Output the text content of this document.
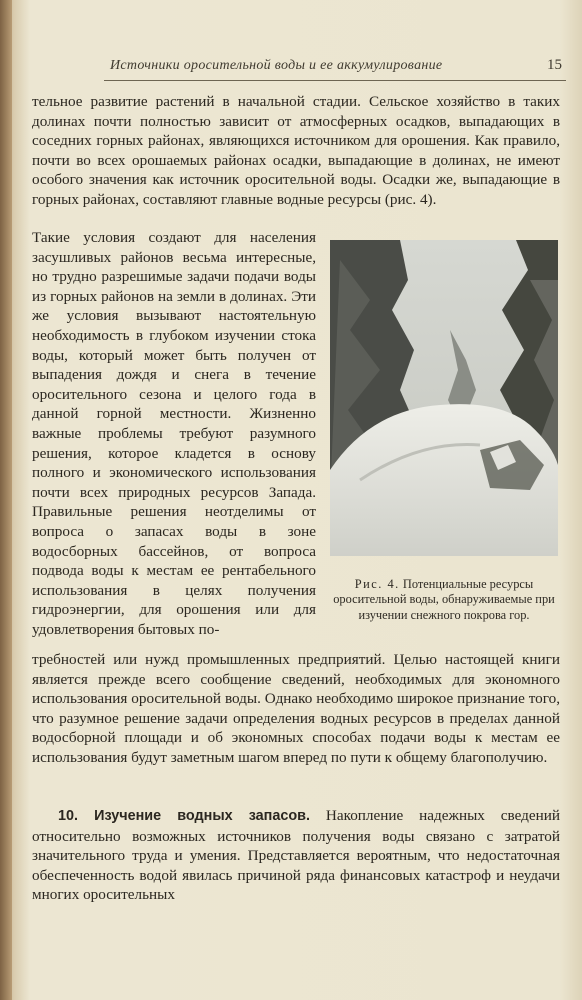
Источники оросительной воды и ее аккумулирование	15
тельное развитие растений в начальной стадии. Сельское хозяйство в таких долинах почти полностью зависит от атмосферных осадков, выпадающих в соседних горных районах, являющихся источником для орошения. Как правило, почти во всех орошаемых районах осадки, выпадающие в долинах, не имеют особого значения как источник оросительной воды. Осадки же, выпадающие в горных районах, составляют главные водные ресурсы (рис. 4).
Такие условия создают для населения засушливых районов весьма интересные, но трудно разрешимые задачи подачи воды из горных районов на земли в долинах. Эти же условия вызывают настоятельную необходимость в глубоком изучении стока воды, который может быть получен от выпадения дождя и снега в течение оросительного сезона и целого года в данной горной местности. Жизненно важные проблемы требуют разумного решения, которое кладется в основу полного и экономического использования почти всех природных ресурсов Запада. Правильные решения неотделимы от вопроса о запасах воды в зоне водосборных бассейнов, от вопроса подвода воды к местам ее рентабельного использования в целях получения гидроэнергии, для орошения или для удовлетворения бытовых по-
Рис. 4. Потенциальные ресурсы оросительной воды, обнаруживаемые при изучении снежного покрова гор.
требностей или нужд промышленных предприятий. Целью настоящей книги является прежде всего сообщение сведений, необходимых для экономного использования оросительной воды. Однако необходимо широкое признание того, что разумное решение задачи определения водных ресурсов в пределах данной водосборной площади и об экономных способах подачи воды к местам ее использования будут заметным шагом вперед по пути к общему благополучию.
10. Изучение водных запасов. Накопление надежных сведений относительно возможных источников получения воды связано с затратой значительного труда и умения. Представляется вероятным, что недостаточная обеспеченность водой явилась причиной ряда финансовых катастроф и неудачи многих оросительных
